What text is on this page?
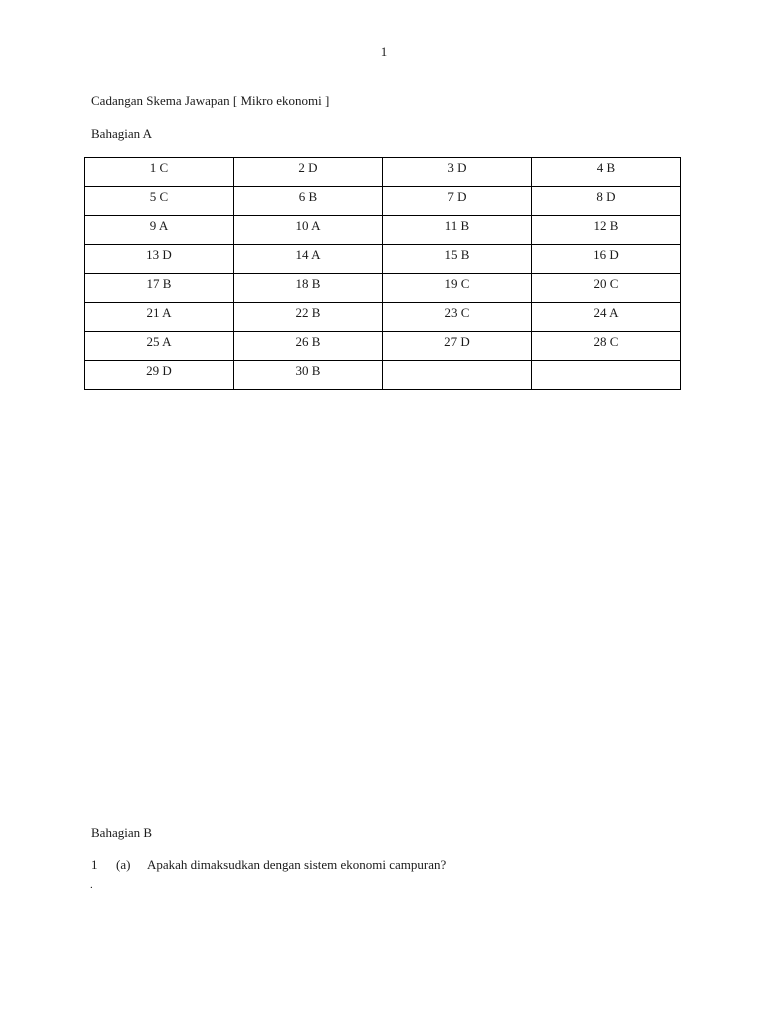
1
Cadangan Skema Jawapan [ Mikro ekonomi ]
Bahagian A
1 C	2 D	3 D	4 B
5 C	6 B	7 D	8 D
9 A	10 A	11 B	12 B
13 D	14 A	15 B	16 D
17 B	18 B	19 C	20 C
21 A	22 B	23 C	24 A
25 A	26 B	27 D	28 C
29 D	30 B		
Bahagian B
1 (a) Apakah dimaksudkan dengan sistem ekonomi campuran?
.
